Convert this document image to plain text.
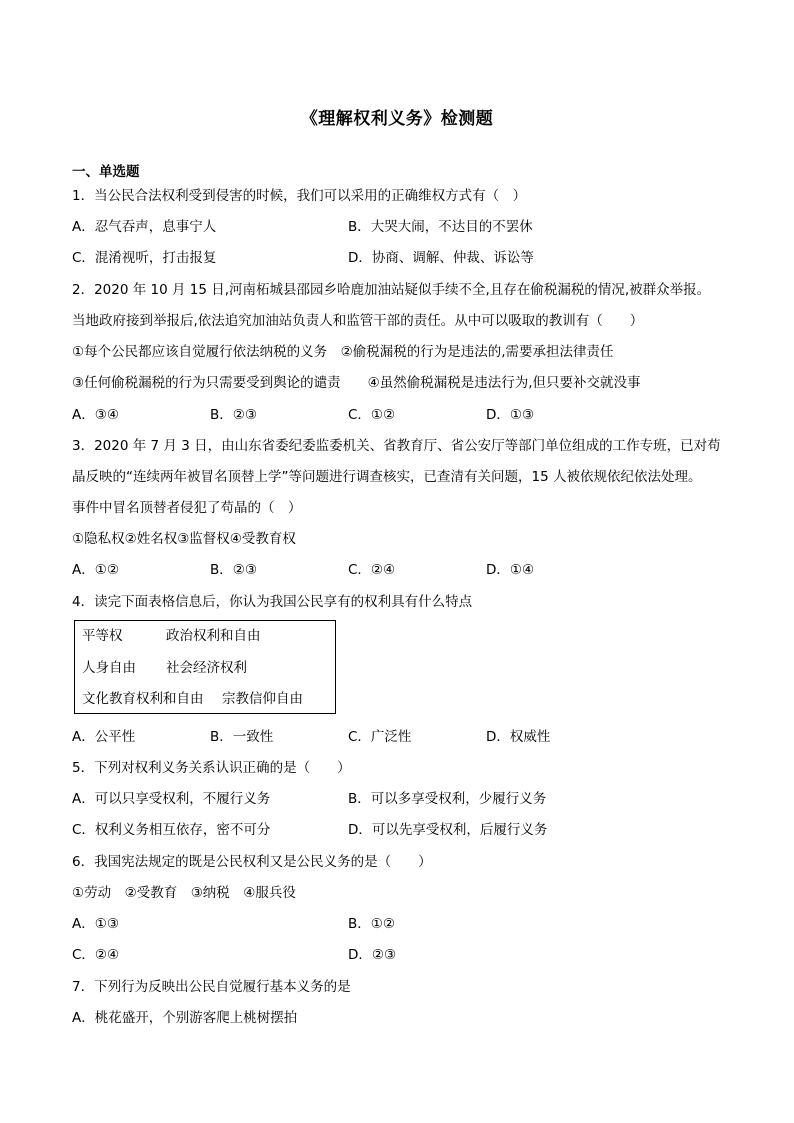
《理解权利义务》检测题
一、单选题
1．当公民合法权利受到侵害的时候，我们可以采用的正确维权方式有（　）
A．忍气吞声，息事宁人	B．大哭大闹，不达目的不罢休
C．混淆视听，打击报复	D．协商、调解、仲裁、诉讼等
2．2020 年 10 月 15 日,河南柘城县邵园乡哈鹿加油站疑似手续不全,且存在偷税漏税的情况,被群众举报。
当地政府接到举报后,依法追究加油站负责人和监管干部的责任。从中可以吸取的教训有（　　）
①每个公民都应该自觉履行依法纳税的义务　②偷税漏税的行为是违法的,需要承担法律责任
③任何偷税漏税的行为只需要受到舆论的谴责　　④虽然偷税漏税是违法行为,但只要补交就没事
A．③④	B．②③	C．①②	D．①③
3．2020 年 7 月 3 日，由山东省委纪委监委机关、省教育厅、省公安厅等部门单位组成的工作专班，已对苟
晶反映的“连续两年被冒名顶替上学”等问题进行调查核实，已查清有关问题，15 人被依规依纪依法处理。
事件中冒名顶替者侵犯了苟晶的（　）
①隐私权②姓名权③监督权④受教育权
A．①②	B．②③	C．②④	D．①④
4．读完下面表格信息后，你认为我国公民享有的权利具有什么特点
平等权	政治权利和自由
人身自由 社会经济权利
文化教育权利和自由 宗教信仰自由
A．公平性	B．一致性	C．广泛性	D．权威性
5．下列对权利义务关系认识正确的是（　　）
A．可以只享受权利，不履行义务	B．可以多享受权利，少履行义务
C．权利义务相互依存，密不可分	D．可以先享受权利，后履行义务
6．我国宪法规定的既是公民权利又是公民义务的是（　　）
①劳动　②受教育　③纳税　④服兵役
A．①③	B．①②
C．②④	D．②③
7．下列行为反映出公民自觉履行基本义务的是
A．桃花盛开，个别游客爬上桃树摆拍
